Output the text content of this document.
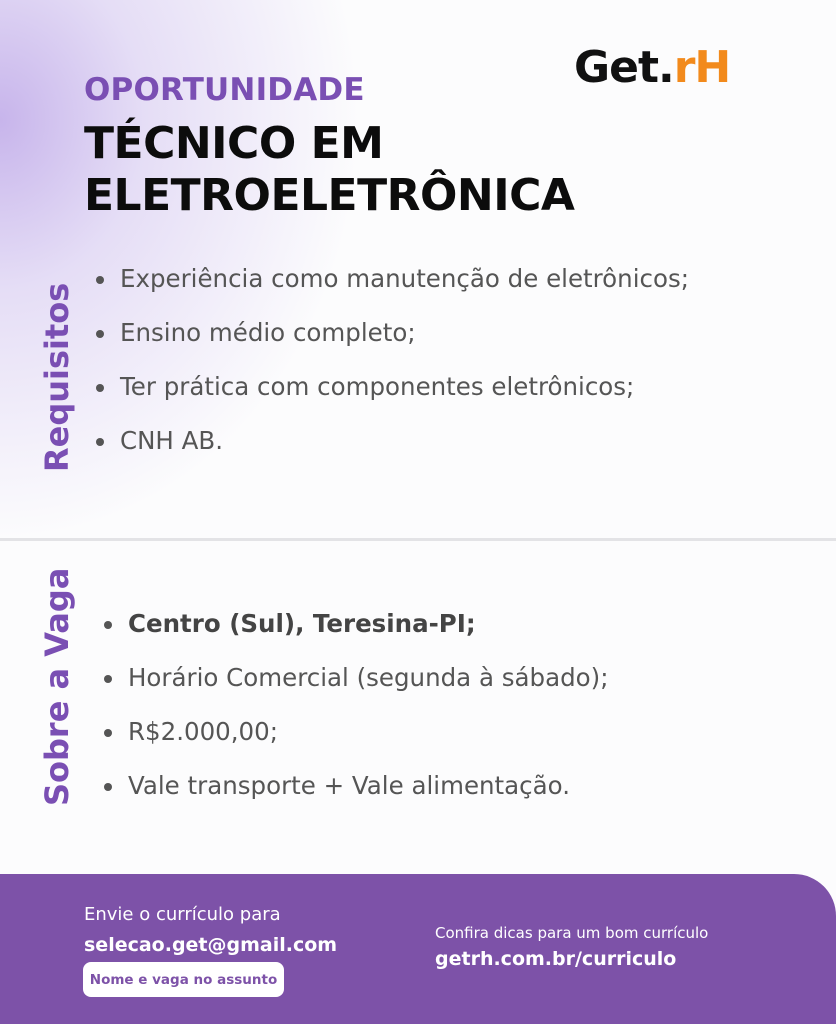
Get. rH
OPORTUNIDADE
TÉCNICO EM ELETROELETRÔNICA
Requisitos
Experiência como manutenção de eletrônicos;
Ensino médio completo;
Ter prática com componentes eletrônicos;
CNH AB.
Sobre a Vaga	Centro (Sul), Teresina-PI;
Horário Comercial (segunda à sábado);
R$2.000,00;
Vale transporte + Vale alimentação.
Envie o currículo para
selecao.get@gmail.com
Nome e vaga no assunto
Confira dicas para um bom currículo
getrh.com.br/curriculo
